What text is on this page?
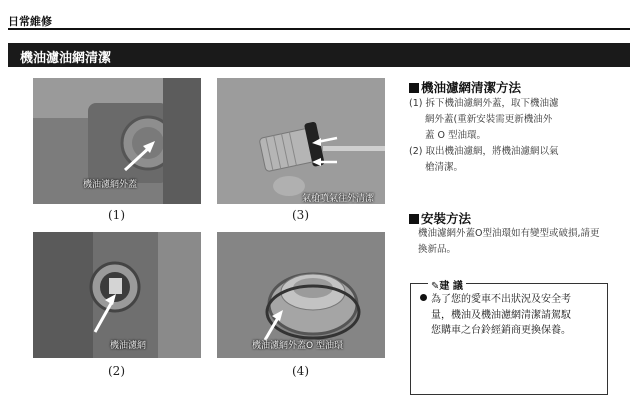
日常維修
機油濾油網清潔
機油濾網外蓋
(1)
氣槍噴氣往外清潔
(3)
機油濾網
(2)
機油濾網外蓋O 型油環
(4)
機油濾網清潔方法
(1) 拆下機油濾網外蓋，取下機油濾
網外蓋(重新安裝需更新機油外
蓋 O 型油環。
(2) 取出機油濾網，將機油濾網以氣
槍清潔。
安裝方法
機油濾網外蓋O型油環如有變型或破損,請更
換新品。
✎建 議
為了您的愛車不出狀況及安全考
量，機油及機油濾網清潔請駕馭
您購車之台鈴經銷商更換保養。
